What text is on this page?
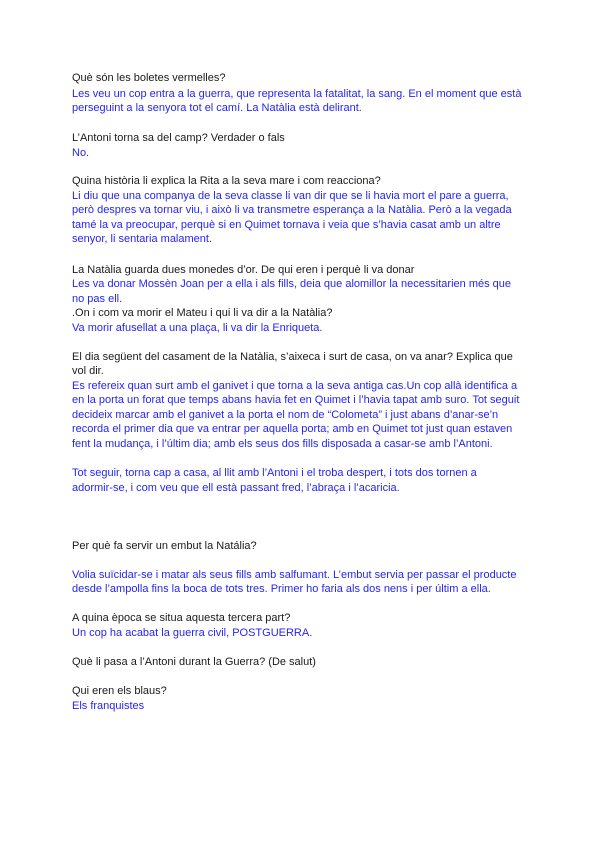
Què són les boletes vermelles?
Les veu un cop entra a la guerra, que representa la fatalitat, la sang. En el moment que està
perseguint a la senyora tot el camí. La Natàlia està delirant.
L’Antoni torna sa del camp? Verdader o fals
No.
Quina història li explica la Rita a la seva mare i com reacciona?
Li diu que una companya de la seva classe li van dir que se li havia mort el pare a guerra,
però despres va tornar viu, i això li va transmetre esperança a la Natàlia. Però a la vegada
tamé la va preocupar, perquè si en Quimet tornava i veia que s’havia casat amb un altre
senyor, li sentaria malament.
La Natàlia guarda dues monedes d’or. De qui eren i perquè li va donar
Les va donar Mossèn Joan per a ella i als fills, deia que alomillor la necessitarien més que
no pas ell.
.On i com va morir el Mateu i qui li va dir a la Natàlia?
Va morir afusellat a una plaça, li va dir la Enriqueta.
El dia següent del casament de la Natàlia, s’aixeca i surt de casa, on va anar? Explica que
vol dir.
Es refereix quan surt amb el ganivet i que torna a la seva antiga cas.Un cop allà identifica a
en la porta un forat que temps abans havia fet en Quimet i l’havia tapat amb suro. Tot seguit
decideix marcar amb el ganivet a la porta el nom de “Colometa” i just abans d’anar-se’n
recorda el primer dia que va entrar per aquella porta; amb en Quimet tot just quan estaven
fent la mudança, i l’últim dia; amb els seus dos fills disposada a casar-se amb l’Antoni.
Tot seguir, torna cap a casa, al llit amb l’Antoni i el troba despert, i tots dos tornen a
adormir-se, i com veu que ell està passant fred, l’abraça i l’acaricia.
Per què fa servir un embut la Natália?
Volia suïcidar-se i matar als seus fills amb salfumant. L’embut servia per passar el producte
desde l’ampolla fins la boca de tots tres. Primer ho faria als dos nens i per últim a ella.
A quina època se situa aquesta tercera part?
Un cop ha acabat la guerra civil, POSTGUERRA.
Què li pasa a l’Antoni durant la Guerra? (De salut)
Qui eren els blaus?
Els franquistes
